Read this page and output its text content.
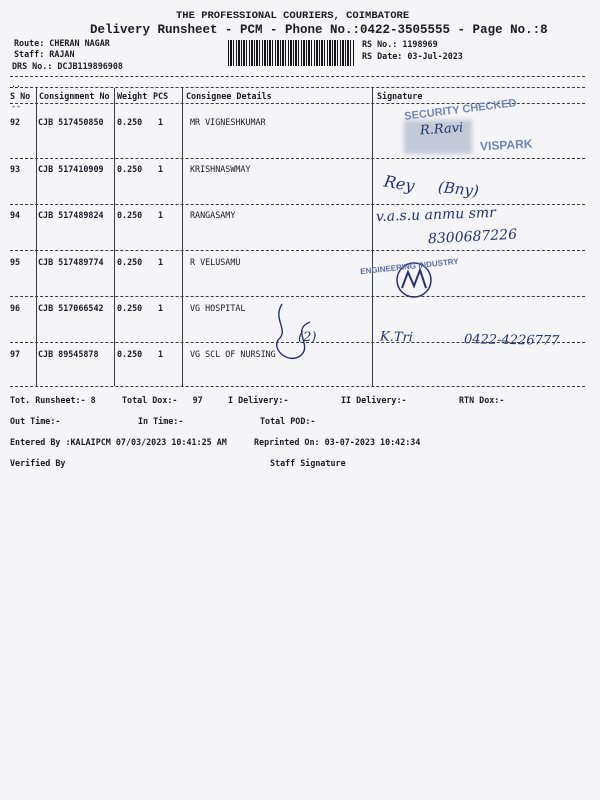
THE PROFESSIONAL COURIERS, COIMBATORE
Delivery Runsheet - PCM - Phone No.:0422-3505555 - Page No.:8
Route: CHERAN NAGAR
Staff: RAJAN
DRS No.: DCJB119896908
RS No.: 1198969
RS Date: 03-Jul-2023
..
S No Consignment No Weight PCS Consignee Details	Signature
--
92 CJB 517450850 0.250 1	MR VIGNESHKUMAR
93 CJB 517410909 0.250 1	KRISHNASWMAY
94 CJB 517489824 0.250 1	RANGASAMY
95 CJB 517489774 0.250 1	R VELUSAMU
96 CJB 517066542 0.250 1	VG HOSPITAL
97 CJB 89545878 0.250 1	VG SCL OF NURSING
SECURITY CHECKED
VISPARK
R.Ravi
Rey (Bny)
v.a.s.u anmu smr
8300687226
ENGINEERING INDUSTRY
(2)	K.Tri	0422-4226777
Tot. Runsheet:- 8	Total Dox:-   97	I Delivery:-	II Delivery:-	RTN Dox:-
Out Time:-	In Time:-	Total POD:-
Entered By :KALAIPCM 07/03/2023 10:41:25 AM	Reprinted On: 03-07-2023 10:42:34
Verified By	Staff Signature
